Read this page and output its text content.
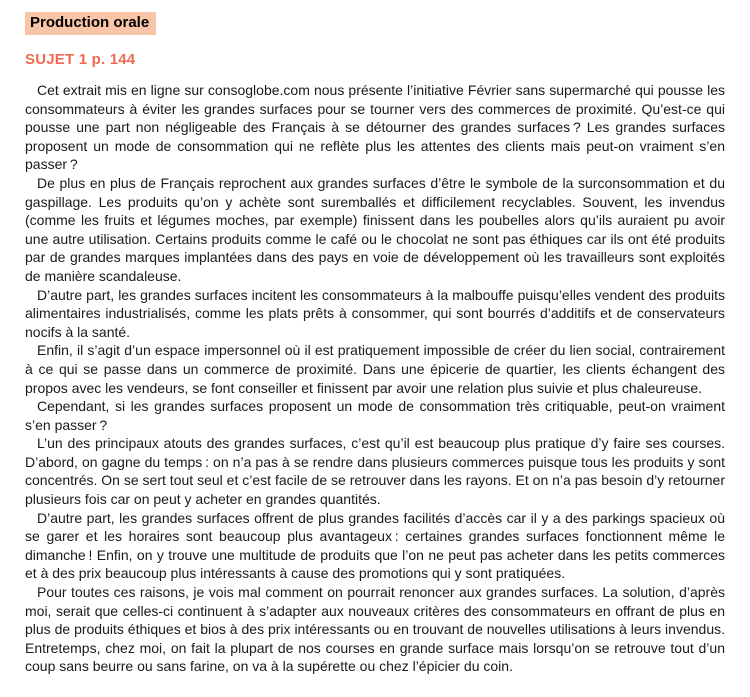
Production orale
SUJET 1 p. 144

Cet extrait mis en ligne sur consoglobe.com nous présente l’initiative Février sans supermarché qui pousse les consommateurs à éviter les grandes surfaces pour se tourner vers des commerces de proximité. Qu’est-ce qui pousse une part non négligeable des Français à se détourner des grandes surfaces ? Les grandes surfaces proposent un mode de consommation qui ne reflète plus les attentes des clients mais peut-on vraiment s’en passer ?

De plus en plus de Français reprochent aux grandes surfaces d’être le symbole de la surconsommation et du gaspillage. Les produits qu’on y achète sont suremballés et difficilement recyclables. Souvent, les invendus (comme les fruits et légumes moches, par exemple) finissent dans les poubelles alors qu’ils auraient pu avoir une autre utilisation. Certains produits comme le café ou le chocolat ne sont pas éthiques car ils ont été produits par de grandes marques implantées dans des pays en voie de développement où les travailleurs sont exploités de manière scandaleuse.

D’autre part, les grandes surfaces incitent les consommateurs à la malbouffe puisqu’elles vendent des produits alimentaires industrialisés, comme les plats prêts à consommer, qui sont bourrés d’additifs et de conservateurs nocifs à la santé.

Enfin, il s’agit d’un espace impersonnel où il est pratiquement impossible de créer du lien social, contrairement à ce qui se passe dans un commerce de proximité. Dans une épicerie de quartier, les clients échangent des propos avec les vendeurs, se font conseiller et finissent par avoir une relation plus suivie et plus chaleureuse.

Cependant, si les grandes surfaces proposent un mode de consommation très critiquable, peut-on vraiment s’en passer ?

L’un des principaux atouts des grandes surfaces, c’est qu’il est beaucoup plus pratique d’y faire ses courses. D’abord, on gagne du temps : on n’a pas à se rendre dans plusieurs commerces puisque tous les produits y sont concentrés. On se sert tout seul et c’est facile de se retrouver dans les rayons. Et on n’a pas besoin d’y retourner plusieurs fois car on peut y acheter en grandes quantités.

D’autre part, les grandes surfaces offrent de plus grandes facilités d’accès car il y a des parkings spacieux où se garer et les horaires sont beaucoup plus avantageux : certaines grandes surfaces fonctionnent même le dimanche ! Enfin, on y trouve une multitude de produits que l’on ne peut pas acheter dans les petits commerces et à des prix beaucoup plus intéressants à cause des promotions qui y sont pratiquées.

Pour toutes ces raisons, je vois mal comment on pourrait renoncer aux grandes surfaces. La solution, d’après moi, serait que celles-ci continuent à s’adapter aux nouveaux critères des consommateurs en offrant de plus en plus de produits éthiques et bios à des prix intéressants ou en trouvant de nouvelles utilisations à leurs invendus. Entretemps, chez moi, on fait la plupart de nos courses en grande surface mais lorsqu’on se retrouve tout d’un coup sans beurre ou sans farine, on va à la supérette ou chez l’épicier du coin.
